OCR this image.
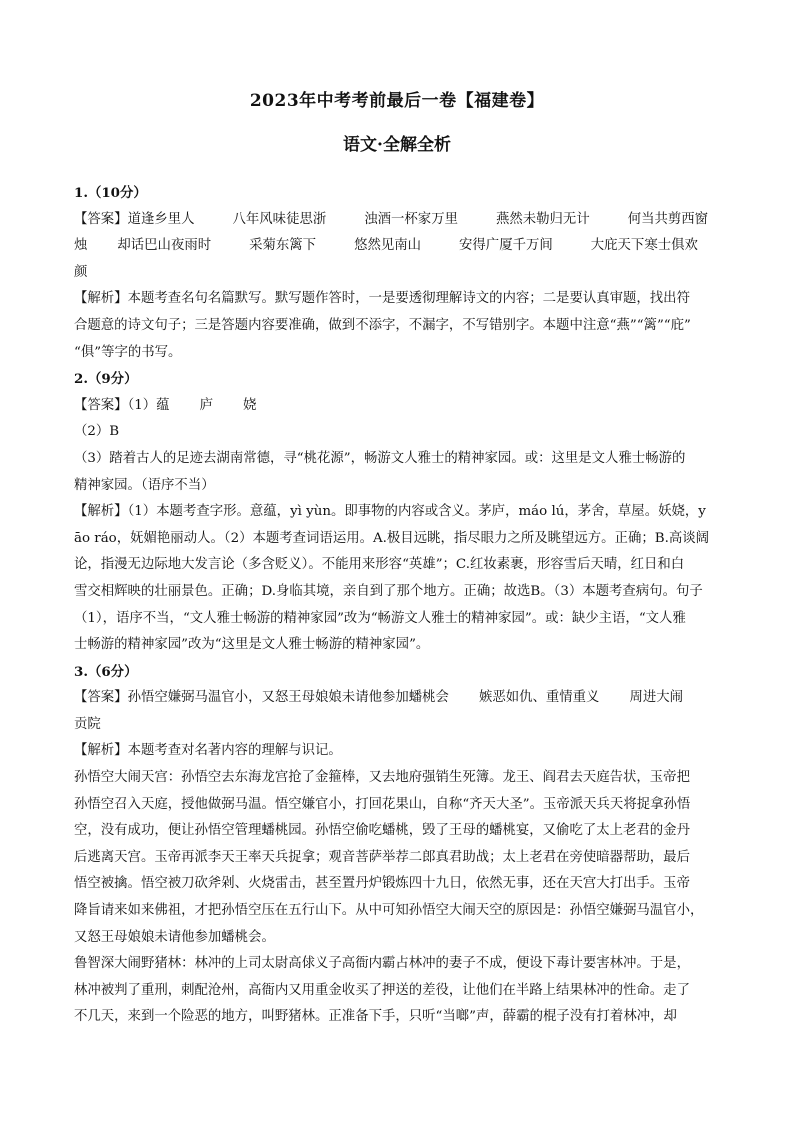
2023年中考考前最后一卷【福建卷】
语文·全解全析
1.（10分）
【答案】道逢乡里人	八年风味徒思浙	浊酒一杯家万里	燕然未勒归无计	何当共剪西窗
烛 却话巴山夜雨时	采菊东篱下	悠然见南山	安得广厦千万间	大庇天下寒士俱欢
颜
【解析】本题考查名句名篇默写。默写题作答时，一是要透彻理解诗文的内容；二是要认真审题，找出符
合题意的诗文句子；三是答题内容要准确，做到不添字，不漏字，不写错别字。本题中注意“燕”“篱”“庇”
“俱”等字的书写。
2.（9分）
【答案】（1）蕴 庐 娆
（2）B
（3）踏着古人的足迹去湖南常德，寻“桃花源”，畅游文人雅士的精神家园。或：这里是文人雅士畅游的
精神家园。（语序不当）
【解析】（1）本题考查字形。意蕴，yì yùn。即事物的内容或含义。茅庐，máo lú，茅舍，草屋。妖娆，y
āo ráo，妩媚艳丽动人。（2）本题考查词语运用。A.极目远眺，指尽眼力之所及眺望远方。正确；B.高谈阔
论，指漫无边际地大发言论（多含贬义）。不能用来形容“英雄”；C.红妆素裹，形容雪后天晴，红日和白
雪交相辉映的壮丽景色。正确；D.身临其境，亲自到了那个地方。正确；故选B。（3）本题考查病句。句子
（1），语序不当，“文人雅士畅游的精神家园”改为“畅游文人雅士的精神家园”。或：缺少主语，“文人雅
士畅游的精神家园”改为“这里是文人雅士畅游的精神家园”。
3.（6分）
【答案】孙悟空嫌弼马温官小，又怒王母娘娘未请他参加蟠桃会 嫉恶如仇、重情重义 周进大闹
贡院
【解析】本题考查对名著内容的理解与识记。
孙悟空大闹天宫：孙悟空去东海龙宫抢了金箍棒，又去地府强销生死簿。龙王、阎君去天庭告状，玉帝把
孙悟空召入天庭，授他做弼马温。悟空嫌官小，打回花果山，自称“齐天大圣”。玉帝派天兵天将捉拿孙悟
空，没有成功，便让孙悟空管理蟠桃园。孙悟空偷吃蟠桃，毁了王母的蟠桃宴，又偷吃了太上老君的金丹
后逃离天宫。玉帝再派李天王率天兵捉拿；观音菩萨举荐二郎真君助战；太上老君在旁使暗器帮助，最后
悟空被擒。悟空被刀砍斧剁、火烧雷击，甚至置丹炉锻炼四十九日，依然无事，还在天宫大打出手。玉帝
降旨请来如来佛祖，才把孙悟空压在五行山下。从中可知孙悟空大闹天空的原因是：孙悟空嫌弼马温官小，
又怒王母娘娘未请他参加蟠桃会。
鲁智深大闹野猪林：林冲的上司太尉高俅义子高衙内霸占林冲的妻子不成，便设下毒计要害林冲。于是，
林冲被判了重刑，刺配沧州，高衙内又用重金收买了押送的差役，让他们在半路上结果林冲的性命。走了
不几天，来到一个险恶的地方，叫野猪林。正准备下手，只听“当啷”声，薛霸的棍子没有打着林冲，却
